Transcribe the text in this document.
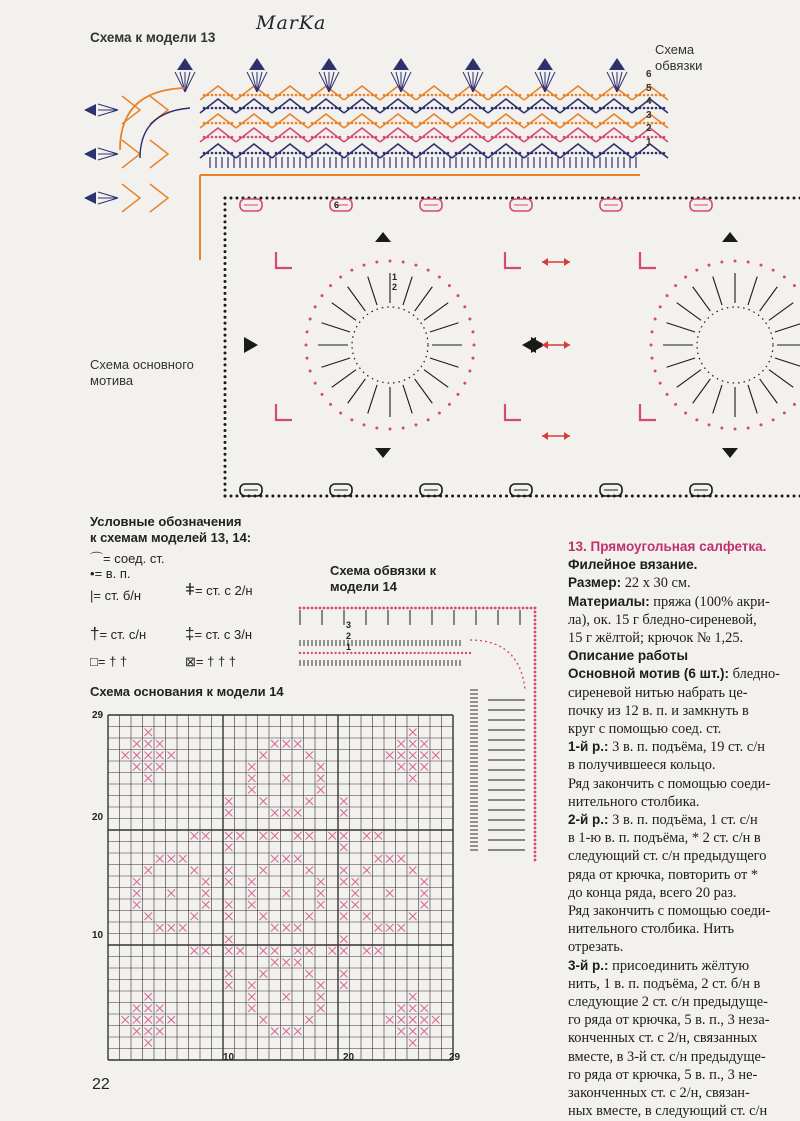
Схема к модели 13
MarKa
Схема
обвязки
6
5
4
3
2
1
Схема основного
мотива
1
2
6
Условные обозначения
к схемам моделей 13, 14:
⌒= соед. ст.
•= в. п.
|= ст. б/н	ǂ= ст. с 2/н
†= ст. с/н ‡= ст. с 3/н
□= † †	⊠= † † †
Схема обвязки к
модели 14
3
2
1
Схема основания к модели 14
29
20
10
10	20	29
22

13. Прямоугольная салфетка.

Филейное вязание.

Размер: 22 х 30 см.

Материалы: пряжа (100% акри-

ла), ок. 15 г бледно-сиреневой,

15 г жёлтой; крючок № 1,25.

Описание работы

Основной мотив (6 шт.): бледно-

сиреневой нитью набрать це-

почку из 12 в. п. и замкнуть в

круг с помощью соед. ст.

1-й р.: 3 в. п. подъёма, 19 ст. с/н

в получившееся кольцо.

Ряд закончить с помощью соеди-

нительного столбика.

2-й р.: 3 в. п. подъёма, 1 ст. с/н

в 1-ю в. п. подъёма, * 2 ст. с/н в

следующий ст. с/н предыдущего

ряда от крючка, повторить от *

до конца ряда, всего 20 раз.

Ряд закончить с помощью соеди-

нительного столбика. Нить

отрезать.

3-й р.: присоединить жёлтую

нить, 1 в. п. подъёма, 2 ст. б/н в

следующие 2 ст. с/н предыдуще-

го ряда от крючка, 5 в. п., 3 неза-

конченных ст. с 2/н, связанных

вместе, в 3-й ст. с/н предыдуще-

го ряда от крючка, 5 в. п., 3 не-

законченных ст. с 2/н, связан-

ных вместе, в следующий ст. с/н
